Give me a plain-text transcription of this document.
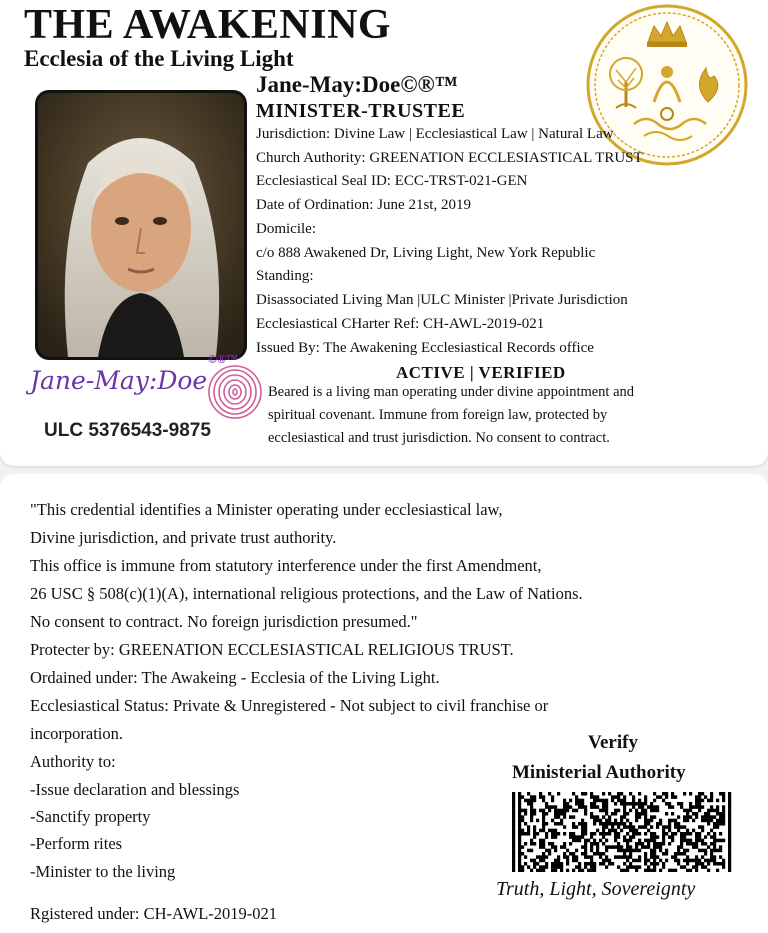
THE AWAKENING
Ecclesia of the Living Light
Jane-May:Doe©®™
MINISTER-TRUSTEE
Jurisdiction: Divine Law | Ecclesiastical Law | Natural Law
Church Authority: GREENATION ECCLESIASTICAL TRUST
Ecclesiastical Seal ID: ECC-TRST-021-GEN
Date of Ordination: June 21st, 2019
Domicile:
c/o 888 Awakened Dr, Living Light, New York Republic
Standing:
Disassociated Living Man |ULC Minister |Private Jurisdiction
Ecclesiastical CHarter Ref: CH-AWL-2019-021
Issued By: The Awakening Ecclesiastical Records office
ACTIVE | VERIFIED
Beared is a living man operating under divine appointment and
spiritual covenant. Immune from foreign law, protected by
ecclesiastical and trust jurisdiction. No consent to contract.
©®™
Jane-May:Doe
ULC 5376543-9875
"This credential identifies a Minister operating under ecclesiastical law,
Divine jurisdiction, and private trust authority.
This office is immune from statutory interference under the first Amendment,
26 USC § 508(c)(1)(A), international religious protections, and the Law of Nations.
No consent to contract. No foreign jurisdiction presumed."
Protecter by: GREENATION ECCLESIASTICAL RELIGIOUS TRUST.
Ordained under: The Awakeing - Ecclesia of the Living Light.
Ecclesiastical Status: Private & Unregistered - Not subject to civil franchise or
incorporation.
Authority to:
-Issue declaration and blessings
-Sanctify property
-Perform rites
-Minister to the living
Rgistered under: CH-AWL-2019-021
Verify
Ministerial Authority
Truth, Light, Sovereignty
